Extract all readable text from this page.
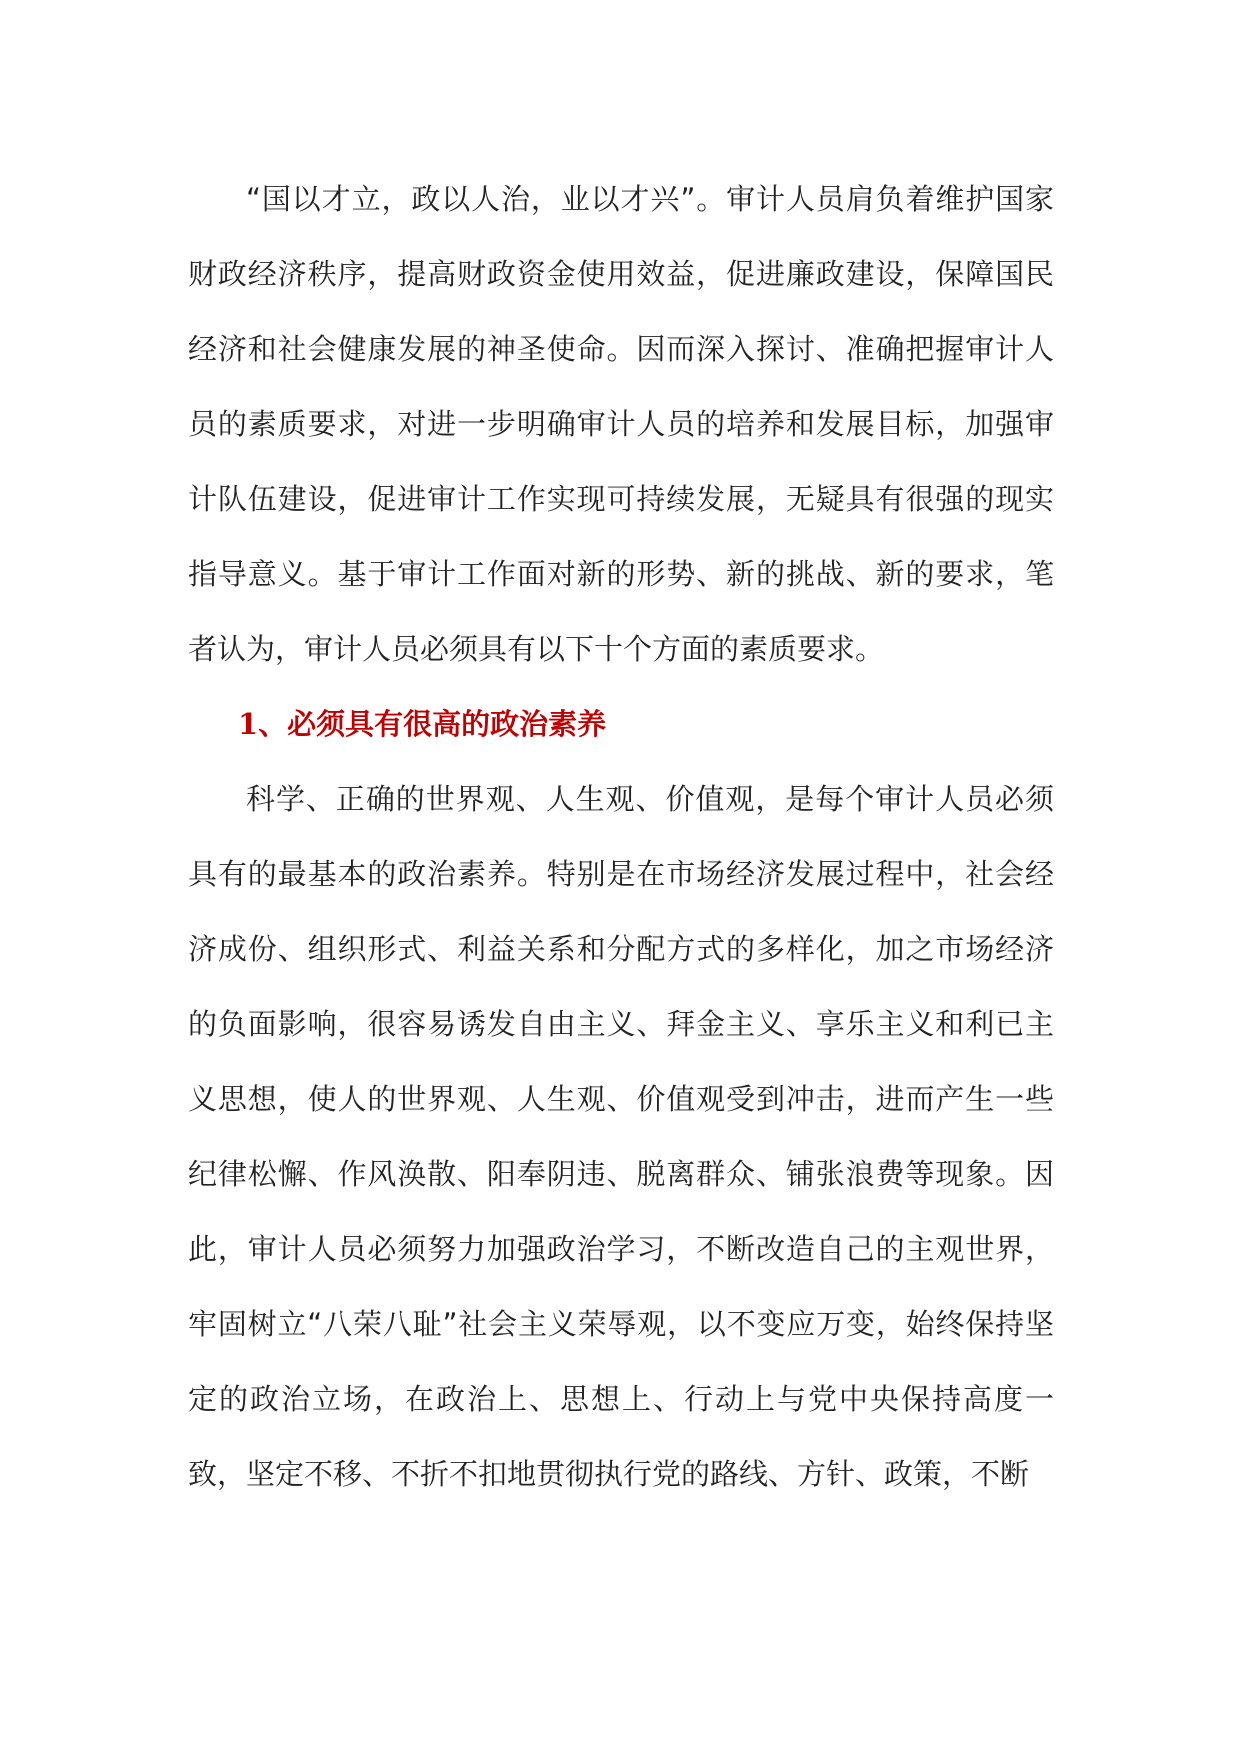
“国以才立，政以人治，业以才兴”。审计人员肩负着维护国家财政经济秩序，提高财政资金使用效益，促进廉政建设，保障国民经济和社会健康发展的神圣使命。因而深入探讨、准确把握审计人员的素质要求，对进一步明确审计人员的培养和发展目标，加强审计队伍建设，促进审计工作实现可持续发展，无疑具有很强的现实指导意义。基于审计工作面对新的形势、新的挑战、新的要求，笔者认为，审计人员必须具有以下十个方面的素质要求。

1、必须具有很高的政治素养

科学、正确的世界观、人生观、价值观，是每个审计人员必须具有的最基本的政治素养。特别是在市场经济发展过程中，社会经济成份、组织形式、利益关系和分配方式的多样化，加之市场经济的负面影响，很容易诱发自由主义、拜金主义、享乐主义和利已主义思想，使人的世界观、人生观、价值观受到冲击，进而产生一些纪律松懈、作风涣散、阳奉阴违、脱离群众、铺张浪费等现象。因此，审计人员必须努力加强政治学习，不断改造自己的主观世界，牢固树立“八荣八耻”社会主义荣辱观，以不变应万变，始终保持坚定的政治立场，在政治上、思想上、行动上与党中央保持高度一致，坚定不移、不折不扣地贯彻执行党的路线、方针、政策，不断
